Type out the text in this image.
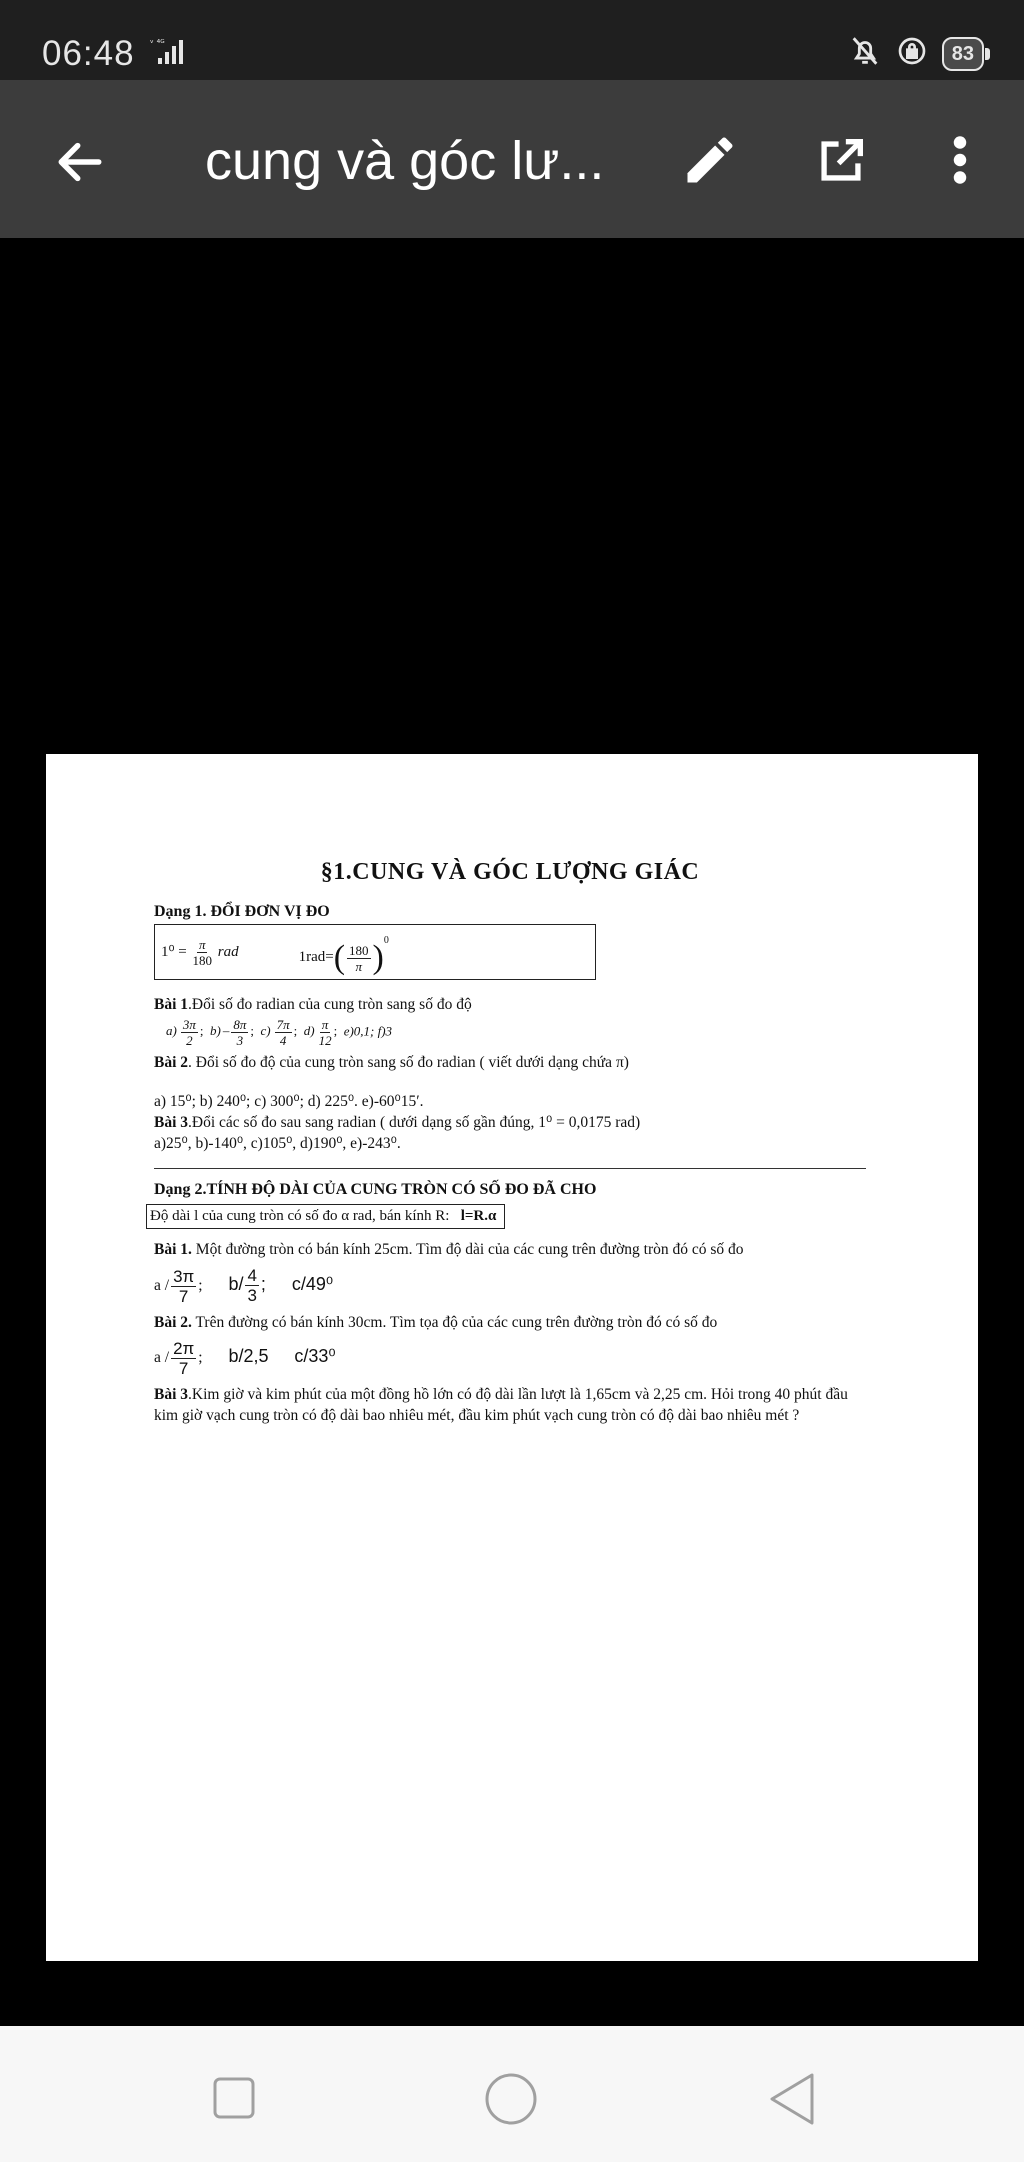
06:48 ᵛ ⁴ᴳ	83
cung và góc lư...
§1.CUNG VÀ GÓC LƯỢNG GIÁC
Dạng 1. ĐỔI ĐƠN VỊ ĐO
$1^0 = \frac{\pi}{180}$ rad	$1rad=( \frac{180}{\pi} )^0$

Bài 1.Đổi số đo radian của cung tròn sang số đo độ

$a) \frac{3\pi}{2}$ ; $b) - \frac{8\pi}{3}$ ; $c) \frac{7\pi}{4}$ ; $d) \frac{\pi}{12}$ ; e)0,1; f)3

Bài 2. Đổi số đo độ của cung tròn sang số đo radian ( viết dưới dạng chứa π)

a) 15⁰; b) 240⁰; c) 300⁰; d) 225⁰. e)-60⁰15′.

Bài 3.Đổi các số đo sau sang radian ( dưới dạng số gần đúng, 1⁰ = 0,0175 rad)

a)25⁰, b)-140⁰, c)105⁰, d)190⁰, e)-243⁰.

Dạng 2.TÍNH ĐỘ DÀI CỦA CUNG TRÒN CÓ SỐ ĐO ĐÃ CHO
Độ dài l của cung tròn có số đo α rad, bán kính R: l=R.α

Bài 1. Một đường tròn có bán kính 25cm. Tìm độ dài của các cung trên đường tròn đó có số đo

a / $\frac{3\pi}{7}$ ; $b/ \frac{4}{3}$ ; c/49⁰

Bài 2. Trên đường có bán kính 30cm. Tìm tọa độ của các cung trên đường tròn đó có số đo

a / $\frac{2\pi}{7}$ ; b/2,5 c/33⁰

Bài 3.Kim giờ và kim phút của một đồng hồ lớn có độ dài lần lượt là 1,65cm và 2,25 cm. Hỏi trong 40 phút đầu kim giờ vạch cung tròn có độ dài bao nhiêu mét, đầu kim phút vạch cung tròn có độ dài bao nhiêu mét ?
